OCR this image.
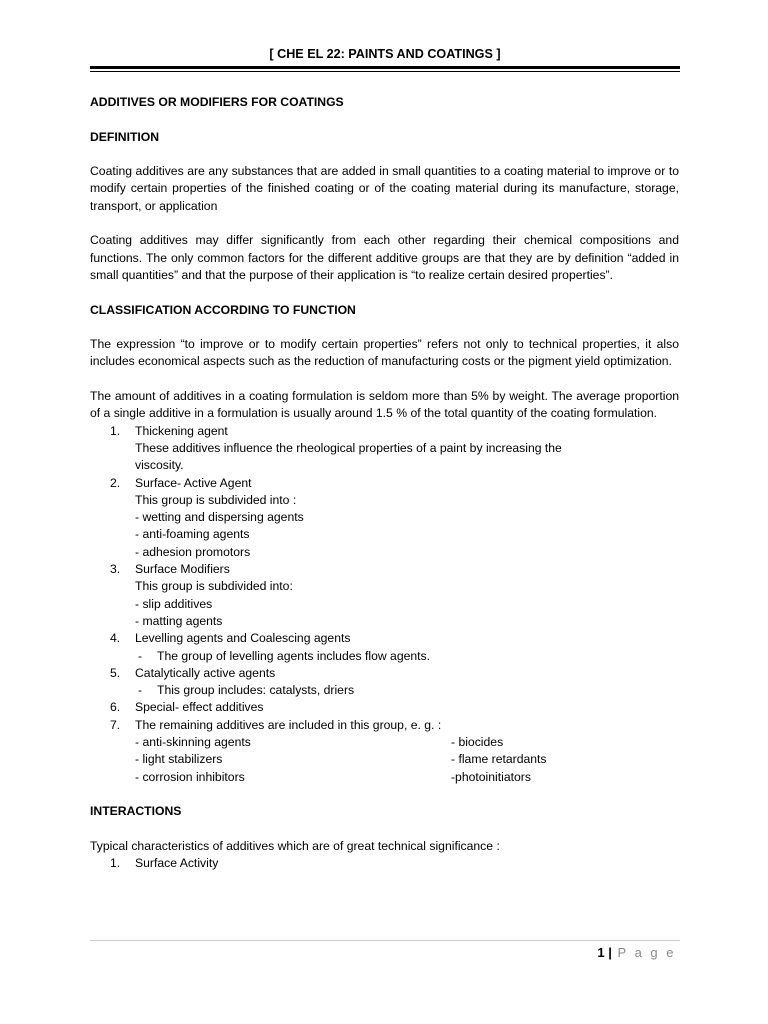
[ CHE EL 22: PAINTS AND COATINGS ]
ADDITIVES OR MODIFIERS FOR COATINGS
DEFINITION
Coating additives are any substances that are added in small quantities to a coating material to improve or to modify certain properties of the finished coating or of the coating material during its manufacture, storage, transport, or application
Coating additives may differ significantly from each other regarding their chemical compositions and functions. The only common factors for the different additive groups are that they are by definition “added in small quantities” and that the purpose of their application is “to realize certain desired properties”.
CLASSIFICATION ACCORDING TO FUNCTION
The expression “to improve or to modify certain properties” refers not only to technical properties, it also includes economical aspects such as the reduction of manufacturing costs or the pigment yield optimization.
The amount of additives in a coating formulation is seldom more than 5% by weight. The average proportion of a single additive in a formulation is usually around 1.5 % of the total quantity of the coating formulation.
1. Thickening agent
These additives influence the rheological properties of a paint by increasing the
viscosity.
2. Surface- Active Agent
This group is subdivided into :
- wetting and dispersing agents
- anti-foaming agents
- adhesion promotors
3. Surface Modifiers
This group is subdivided into:
- slip additives
- matting agents
4. Levelling agents and Coalescing agents
- The group of levelling agents includes flow agents.
5. Catalytically active agents
- This group includes: catalysts, driers
6. Special- effect additives
7. The remaining additives are included in this group, e. g. :
- anti-skinning agents	- biocides
- light stabilizers	- flame retardants
- corrosion inhibitors	-photoinitiators
INTERACTIONS
Typical characteristics of additives which are of great technical significance :
1. Surface Activity
1 | P a g e
